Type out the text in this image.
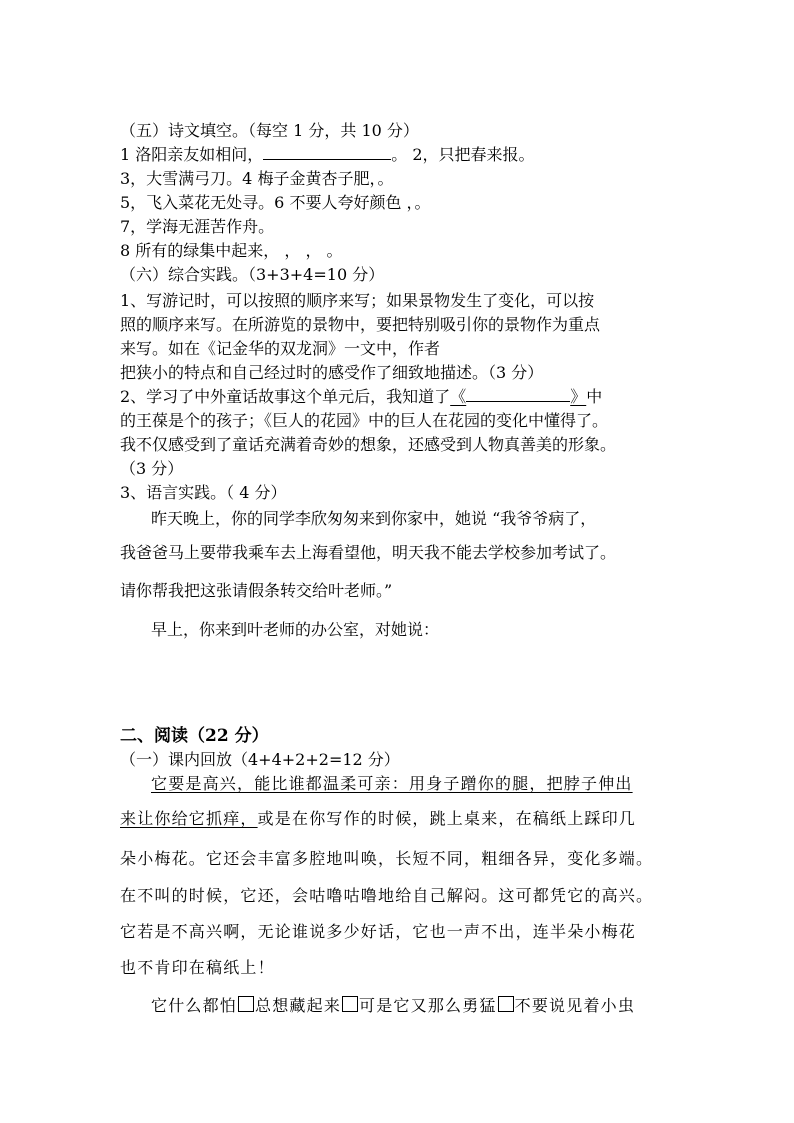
（五）诗文填空。（每空 1 分，共 10 分）
1 洛阳亲友如相问，	。 2，只把春来报。
3，大雪满弓刀。4 梅子金黄杏子肥，。
5，飞入菜花无处寻。6 不要人夸好颜色 ，。
7，学海无涯苦作舟。
8 所有的绿集中起来， ， ， 。
（六）综合实践。（3+3+4=10 分）
1、写游记时，可以按照的顺序来写；如果景物发生了变化，可以按
照的顺序来写。在所游览的景物中，要把特别吸引你的景物作为重点
来写。如在《记金华的双龙洞》一文中，作者
把狭小的特点和自己经过时的感受作了细致地描述。（3 分）
2、学习了中外童话故事这个单元后，我知道了《	》中
的王葆是个的孩子；《巨人的花园》中的巨人在花园的变化中懂得了。
我不仅感受到了童话充满着奇妙的想象，还感受到人物真善美的形象。
（3 分）
3、语言实践。（ 4 分）
昨天晚上，你的同学李欣匆匆来到你家中，她说 “我爷爷病了，
我爸爸马上要带我乘车去上海看望他，明天我不能去学校参加考试了。
请你帮我把这张请假条转交给叶老师。”
早上，你来到叶老师的办公室，对她说：
二、阅读（22 分）
（一）课内回放（4+4+2+2=12 分）
它要是高兴，能比谁都温柔可亲：用身子蹭你的腿，把脖子伸出
来让你给它抓痒，或是在你写作的时候，跳上桌来，在稿纸上踩印几
朵小梅花。它还会丰富多腔地叫唤，长短不同，粗细各异，变化多端。
在不叫的时候，它还，会咕噜咕噜地给自己解闷。这可都凭它的高兴。
它若是不高兴啊，无论谁说多少好话，它也一声不出，连半朵小梅花
也不肯印在稿纸上！
它什么都怕 总想藏起来 可是它又那么勇猛 不要说见着小虫
